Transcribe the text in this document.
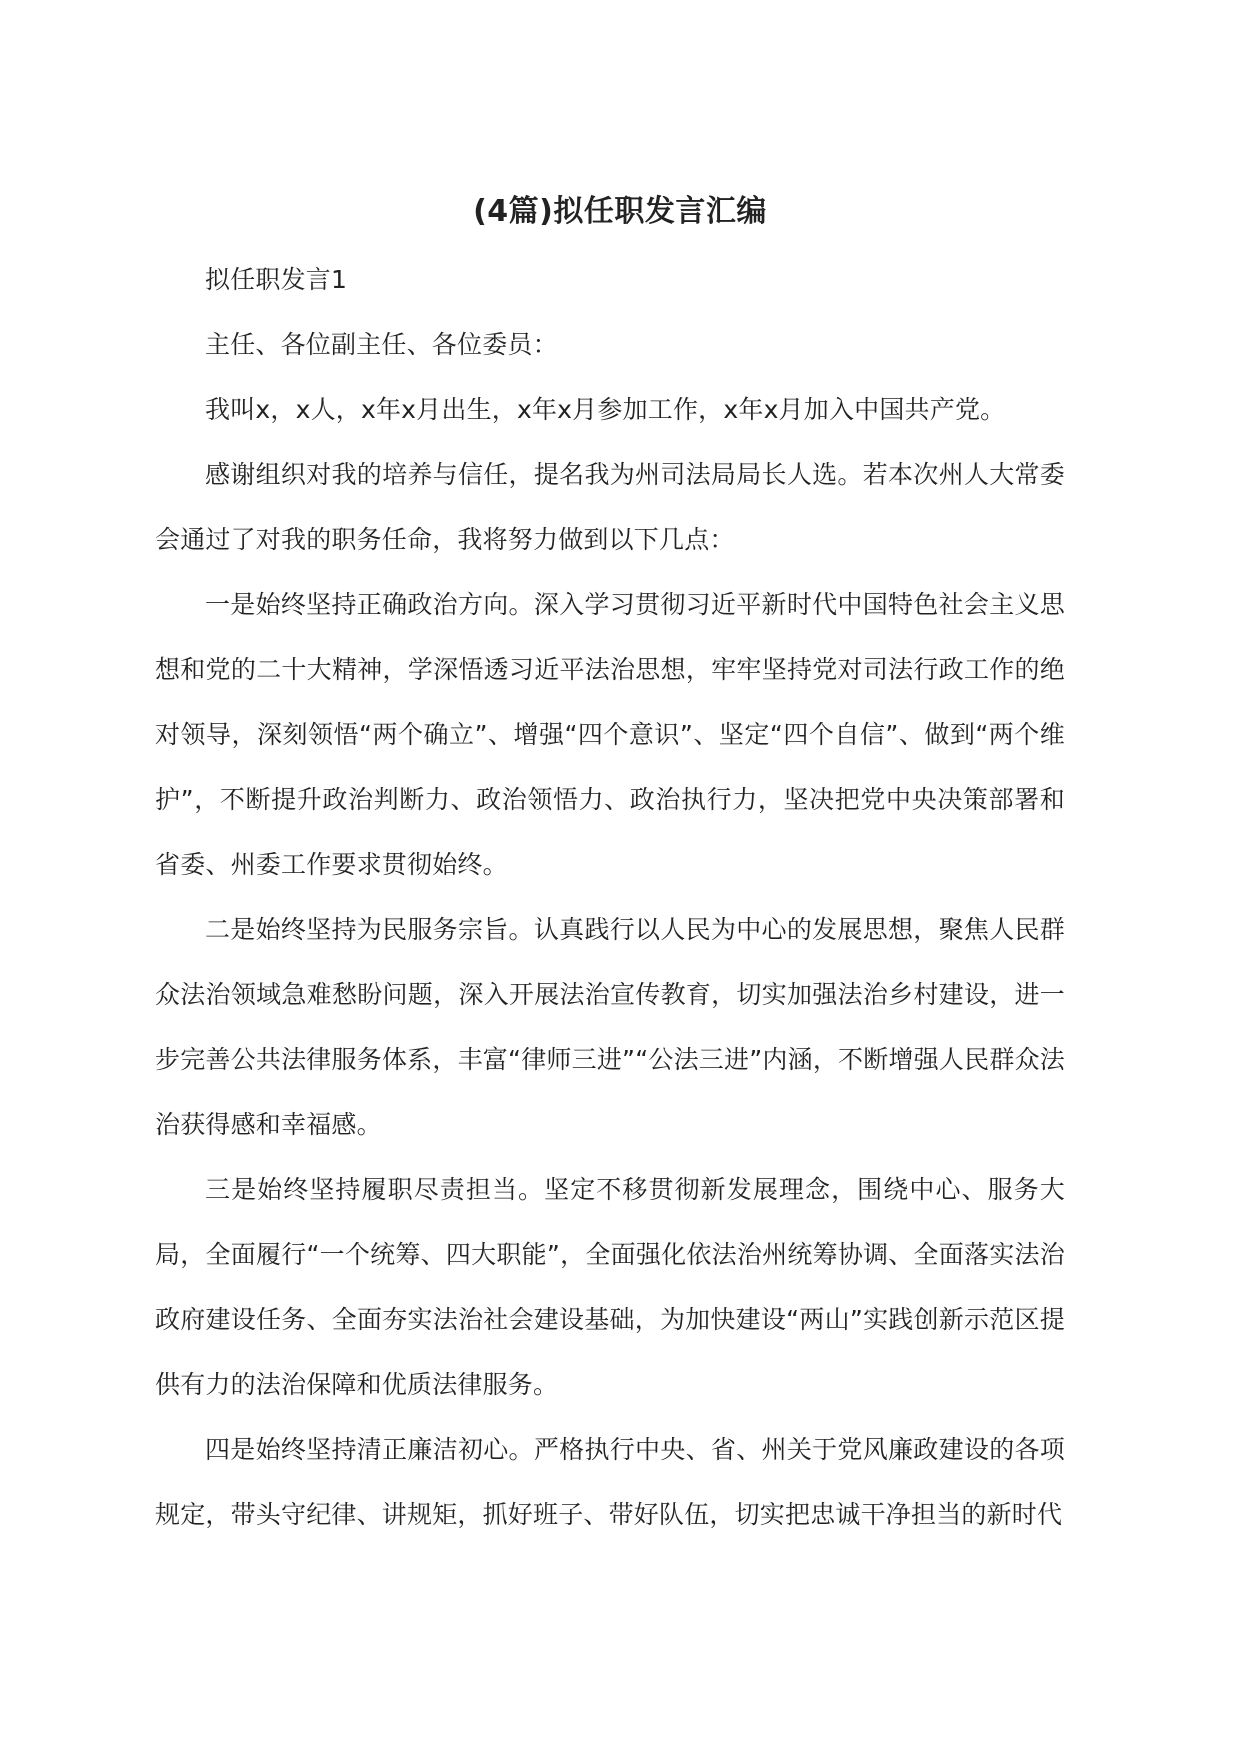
(4篇)拟任职发言汇编

拟任职发言1

主任、各位副主任、各位委员：

我叫x，x人，x年x月出生，x年x月参加工作，x年x月加入中国共产党。

感谢组织对我的培养与信任，提名我为州司法局局长人选。若本次州人大常委会通过了对我的职务任命，我将努力做到以下几点：

一是始终坚持正确政治方向。深入学习贯彻习近平新时代中国特色社会主义思想和党的二十大精神，学深悟透习近平法治思想，牢牢坚持党对司法行政工作的绝对领导，深刻领悟“两个确立”、增强“四个意识”、坚定“四个自信”、做到“两个维护”，不断提升政治判断力、政治领悟力、政治执行力，坚决把党中央决策部署和省委、州委工作要求贯彻始终。

二是始终坚持为民服务宗旨。认真践行以人民为中心的发展思想，聚焦人民群众法治领域急难愁盼问题，深入开展法治宣传教育，切实加强法治乡村建设，进一步完善公共法律服务体系，丰富“律师三进”“公法三进”内涵，不断增强人民群众法治获得感和幸福感。

三是始终坚持履职尽责担当。坚定不移贯彻新发展理念，围绕中心、服务大局，全面履行“一个统筹、四大职能”，全面强化依法治州统筹协调、全面落实法治政府建设任务、全面夯实法治社会建设基础，为加快建设“两山”实践创新示范区提供有力的法治保障和优质法律服务。

四是始终坚持清正廉洁初心。严格执行中央、省、州关于党风廉政建设的各项规定，带头守纪律、讲规矩，抓好班子、带好队伍，切实把忠诚干净担当的新时代
